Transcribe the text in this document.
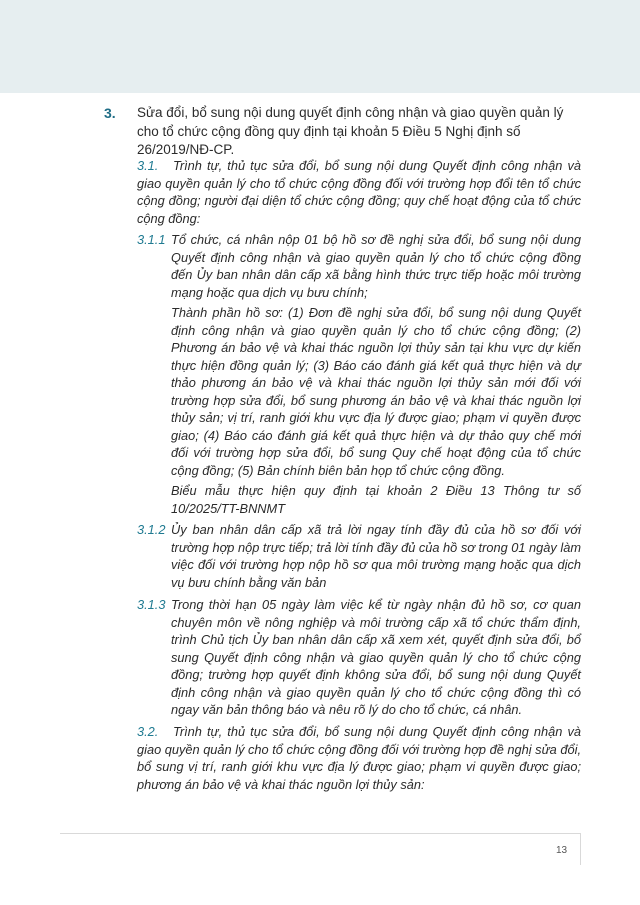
3. Sửa đổi, bổ sung nội dung quyết định công nhận và giao quyền quản lý cho tổ chức cộng đồng quy định tại khoản 5 Điều 5 Nghị định số 26/2019/NĐ-CP.
3.1.	Trình tự, thủ tục sửa đổi, bổ sung nội dung Quyết định công nhận và giao quyền quản lý cho tổ chức cộng đồng đối với trường hợp đổi tên tổ chức cộng đồng; người đại diện tổ chức cộng đồng; quy chế hoạt động của tổ chức cộng đồng:
3.1.1 Tổ chức, cá nhân nộp 01 bộ hồ sơ đề nghị sửa đổi, bổ sung nội dung Quyết định công nhận và giao quyền quản lý cho tổ chức cộng đồng đến Ủy ban nhân dân cấp xã bằng hình thức trực tiếp hoặc môi trường mạng hoặc qua dịch vụ bưu chính;
Thành phần hồ sơ: (1) Đơn đề nghị sửa đổi, bổ sung nội dung Quyết định công nhận và giao quyền quản lý cho tổ chức cộng đồng; (2) Phương án bảo vệ và khai thác nguồn lợi thủy sản tại khu vực dự kiến thực hiện đồng quản lý; (3) Báo cáo đánh giá kết quả thực hiện và dự thảo phương án bảo vệ và khai thác nguồn lợi thủy sản mới đối với trường hợp sửa đổi, bổ sung phương án bảo vệ và khai thác nguồn lợi thủy sản; vị trí, ranh giới khu vực địa lý được giao; phạm vi quyền được giao; (4) Báo cáo đánh giá kết quả thực hiện và dự thảo quy chế mới đối với trường hợp sửa đổi, bổ sung Quy chế hoạt động của tổ chức cộng đồng; (5) Bản chính biên bản họp tổ chức cộng đồng.
Biểu mẫu thực hiện quy định tại khoản 2 Điều 13 Thông tư số 10/2025/TT-BNNMT
3.1.2 Ủy ban nhân dân cấp xã trả lời ngay tính đầy đủ của hồ sơ đối với trường hợp nộp trực tiếp; trả lời tính đầy đủ của hồ sơ trong 01 ngày làm việc đối với trường hợp nộp hồ sơ qua môi trường mạng hoặc qua dịch vụ bưu chính bằng văn bản
3.1.3 Trong thời hạn 05 ngày làm việc kể từ ngày nhận đủ hồ sơ, cơ quan chuyên môn về nông nghiệp và môi trường cấp xã tổ chức thẩm định, trình Chủ tịch Ủy ban nhân dân cấp xã xem xét, quyết định sửa đổi, bổ sung Quyết định công nhận và giao quyền quản lý cho tổ chức cộng đồng; trường hợp quyết định không sửa đổi, bổ sung nội dung Quyết định công nhận và giao quyền quản lý cho tổ chức cộng đồng thì có ngay văn bản thông báo và nêu rõ lý do cho tổ chức, cá nhân.
3.2.	Trình tự, thủ tục sửa đổi, bổ sung nội dung Quyết định công nhận và giao quyền quản lý cho tổ chức cộng đồng đối với trường hợp đề nghị sửa đổi, bổ sung vị trí, ranh giới khu vực địa lý được giao; phạm vi quyền được giao; phương án bảo vệ và khai thác nguồn lợi thủy sản:
13
